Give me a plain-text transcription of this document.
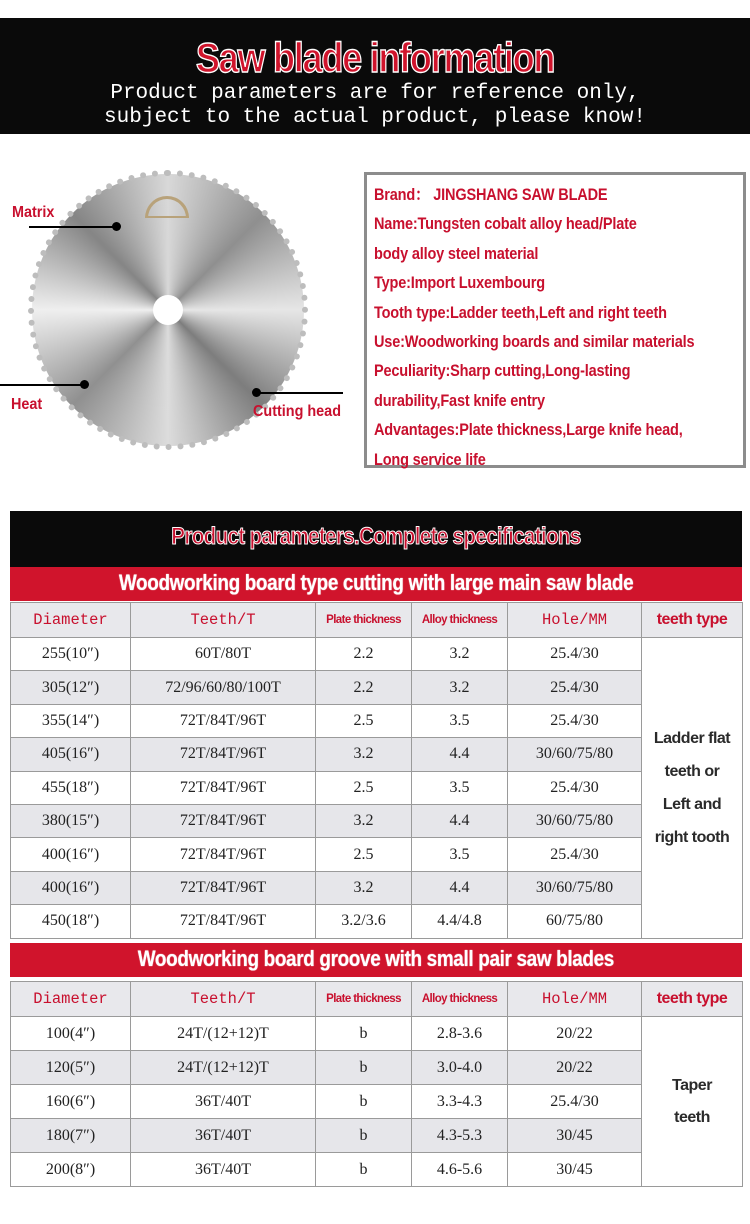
Saw blade information
Product parameters are for reference only,
subject to the actual product, please know!
Matrix
Heat	Cutting head
Brand： JINGSHANG SAW BLADE
Name:Tungsten cobalt alloy head/Plate
body alloy steel material
Type:Import Luxembourg
Tooth type:Ladder teeth,Left and right teeth
Use:Woodworking boards and similar materials
Peculiarity:Sharp cutting,Long-lasting
durability,Fast knife entry
Advantages:Plate thickness,Large knife head,
Long service life
Product parameters.Complete specifications
Woodworking board type cutting with large main saw blade
Diameter	Teeth/T	Plate thickness	Alloy thickness	Hole/MM	teeth type
255(10″)	60T/80T	2.2	3.2	25.4/30	Ladder flat
teeth or
Left and
right tooth

305(12″)	72/96/60/80/100T	2.2	3.2	25.4/30	
355(14″)	72T/84T/96T	2.5	3.5	25.4/30	
405(16″)	72T/84T/96T	3.2	4.4	30/60/75/80	
455(18″)	72T/84T/96T	2.5	3.5	25.4/30	
380(15″)	72T/84T/96T	3.2	4.4	30/60/75/80	
400(16″)	72T/84T/96T	2.5	3.5	25.4/30	
400(16″)	72T/84T/96T	3.2	4.4	30/60/75/80	
450(18″)	72T/84T/96T	3.2/3.6	4.4/4.8	60/75/80	
Woodworking board groove with small pair saw blades
Diameter	Teeth/T	Plate thickness	Alloy thickness	Hole/MM	teeth type
100(4″)	24T/(12+12)T	b	2.8-3.6	20/22	Taper
teeth

120(5″)	24T/(12+12)T	b	3.0-4.0	20/22	
160(6″)	36T/40T	b	3.3-4.3	25.4/30	
180(7″)	36T/40T	b	4.3-5.3	30/45	
200(8″)	36T/40T	b	4.6-5.6	30/45	
